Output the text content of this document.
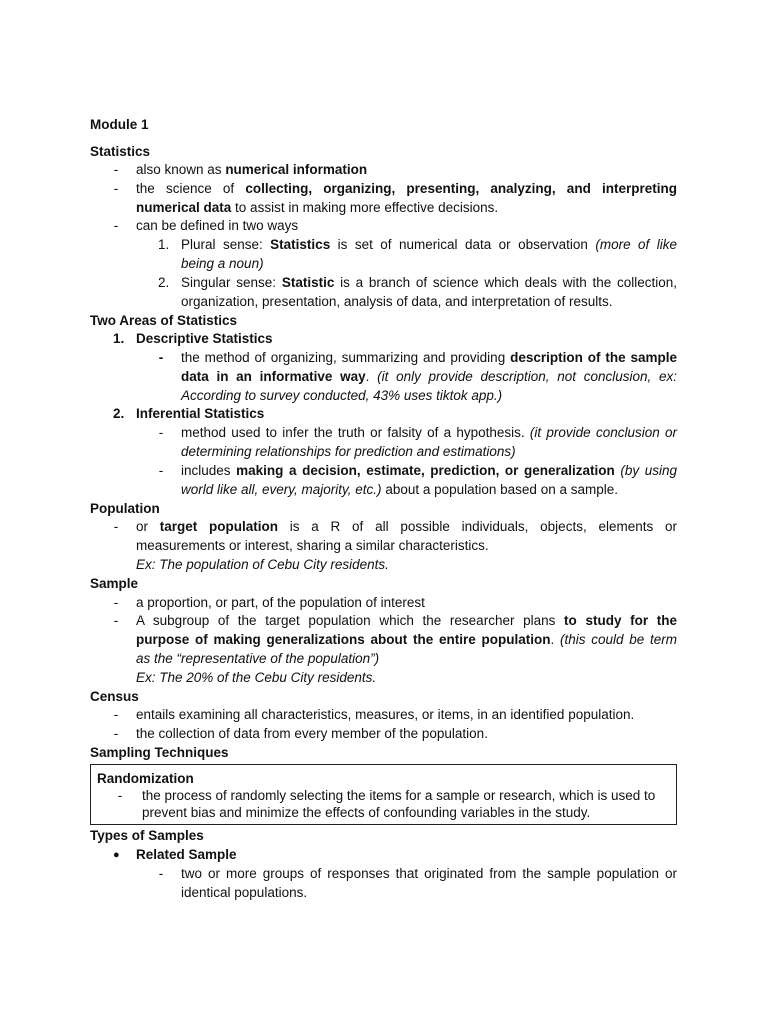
Module 1
Statistics
-	also known as numerical information
-	the science of collecting, organizing, presenting, analyzing, and interpreting
numerical data to assist in making more effective decisions.
-	can be defined in two ways
1. Plural sense: Statistics is set of numerical data or observation (more of like
being a noun)
2. Singular sense: Statistic is a branch of science which deals with the collection,
organization, presentation, analysis of data, and interpretation of results.
Two Areas of Statistics
1. Descriptive Statistics
-	the method of organizing, summarizing and providing description of the sample
data in an informative way. (it only provide description, not conclusion, ex:
According to survey conducted, 43% uses tiktok app.)
2. Inferential Statistics
-	method used to infer the truth or falsity of a hypothesis. (it provide conclusion or
determining relationships for prediction and estimations)
-	includes making a decision, estimate, prediction, or generalization (by using
world like all, every, majority, etc.) about a population based on a sample.
Population
-	or target population is a R of all possible individuals, objects, elements or
measurements or interest, sharing a similar characteristics.
Ex: The population of Cebu City residents.
Sample
-	a proportion, or part, of the population of interest
-	A subgroup of the target population which the researcher plans to study for the
purpose of making generalizations about the entire population. (this could be term
as the “representative of the population”)
Ex: The 20% of the Cebu City residents.
Census
-	entails examining all characteristics, measures, or items, in an identified population.
-	the collection of data from every member of the population.
Sampling Techniques
Randomization
-	the process of randomly selecting the items for a sample or research, which is used to
prevent bias and minimize the effects of confounding variables in the study.
Types of Samples
● Related Sample
-	two or more groups of responses that originated from the sample population or
identical populations.
